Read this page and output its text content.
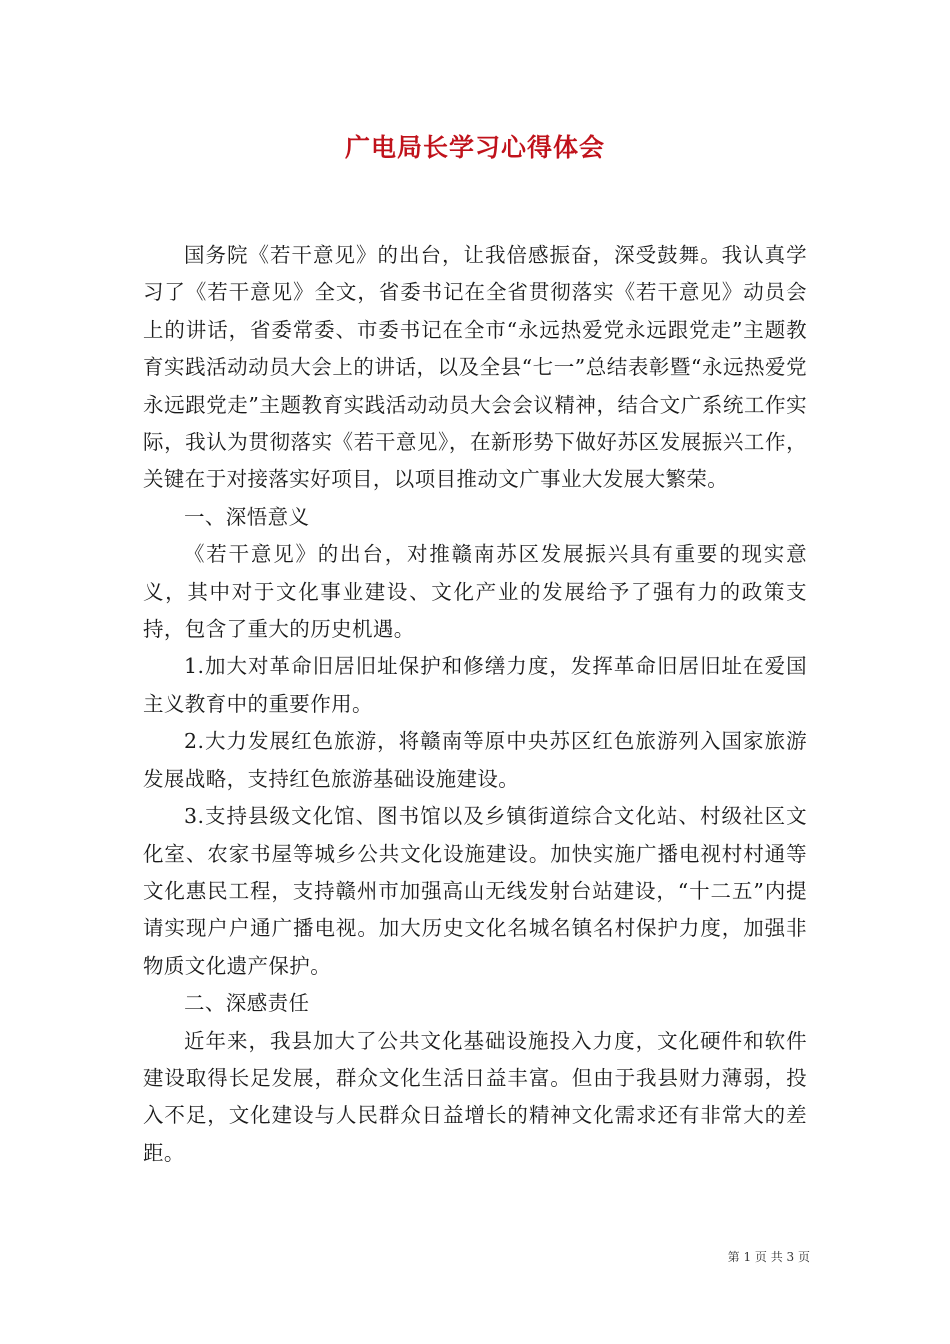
广电局长学习心得体会

国务院《若干意见》的出台，让我倍感振奋，深受鼓舞。我认真学习了《若干意见》全文，省委书记在全省贯彻落实《若干意见》动员会上的讲话，省委常委、市委书记在全市“永远热爱党永远跟党走”主题教育实践活动动员大会上的讲话，以及全县“七一”总结表彰暨“永远热爱党永远跟党走”主题教育实践活动动员大会会议精神，结合文广系统工作实际，我认为贯彻落实《若干意见》，在新形势下做好苏区发展振兴工作，关键在于对接落实好项目，以项目推动文广事业大发展大繁荣。

一、深悟意义

《若干意见》的出台，对推赣南苏区发展振兴具有重要的现实意义，其中对于文化事业建设、文化产业的发展给予了强有力的政策支持，包含了重大的历史机遇。

1.加大对革命旧居旧址保护和修缮力度，发挥革命旧居旧址在爱国主义教育中的重要作用。

2.大力发展红色旅游，将赣南等原中央苏区红色旅游列入国家旅游发展战略，支持红色旅游基础设施建设。

3.支持县级文化馆、图书馆以及乡镇街道综合文化站、村级社区文化室、农家书屋等城乡公共文化设施建设。加快实施广播电视村村通等文化惠民工程，支持赣州市加强高山无线发射台站建设，“十二五”内提请实现户户通广播电视。加大历史文化名城名镇名村保护力度，加强非物质文化遗产保护。

二、深感责任

近年来，我县加大了公共文化基础设施投入力度，文化硬件和软件建设取得长足发展，群众文化生活日益丰富。但由于我县财力薄弱，投入不足，文化建设与人民群众日益增长的精神文化需求还有非常大的差距。

第 1 页 共 3 页
